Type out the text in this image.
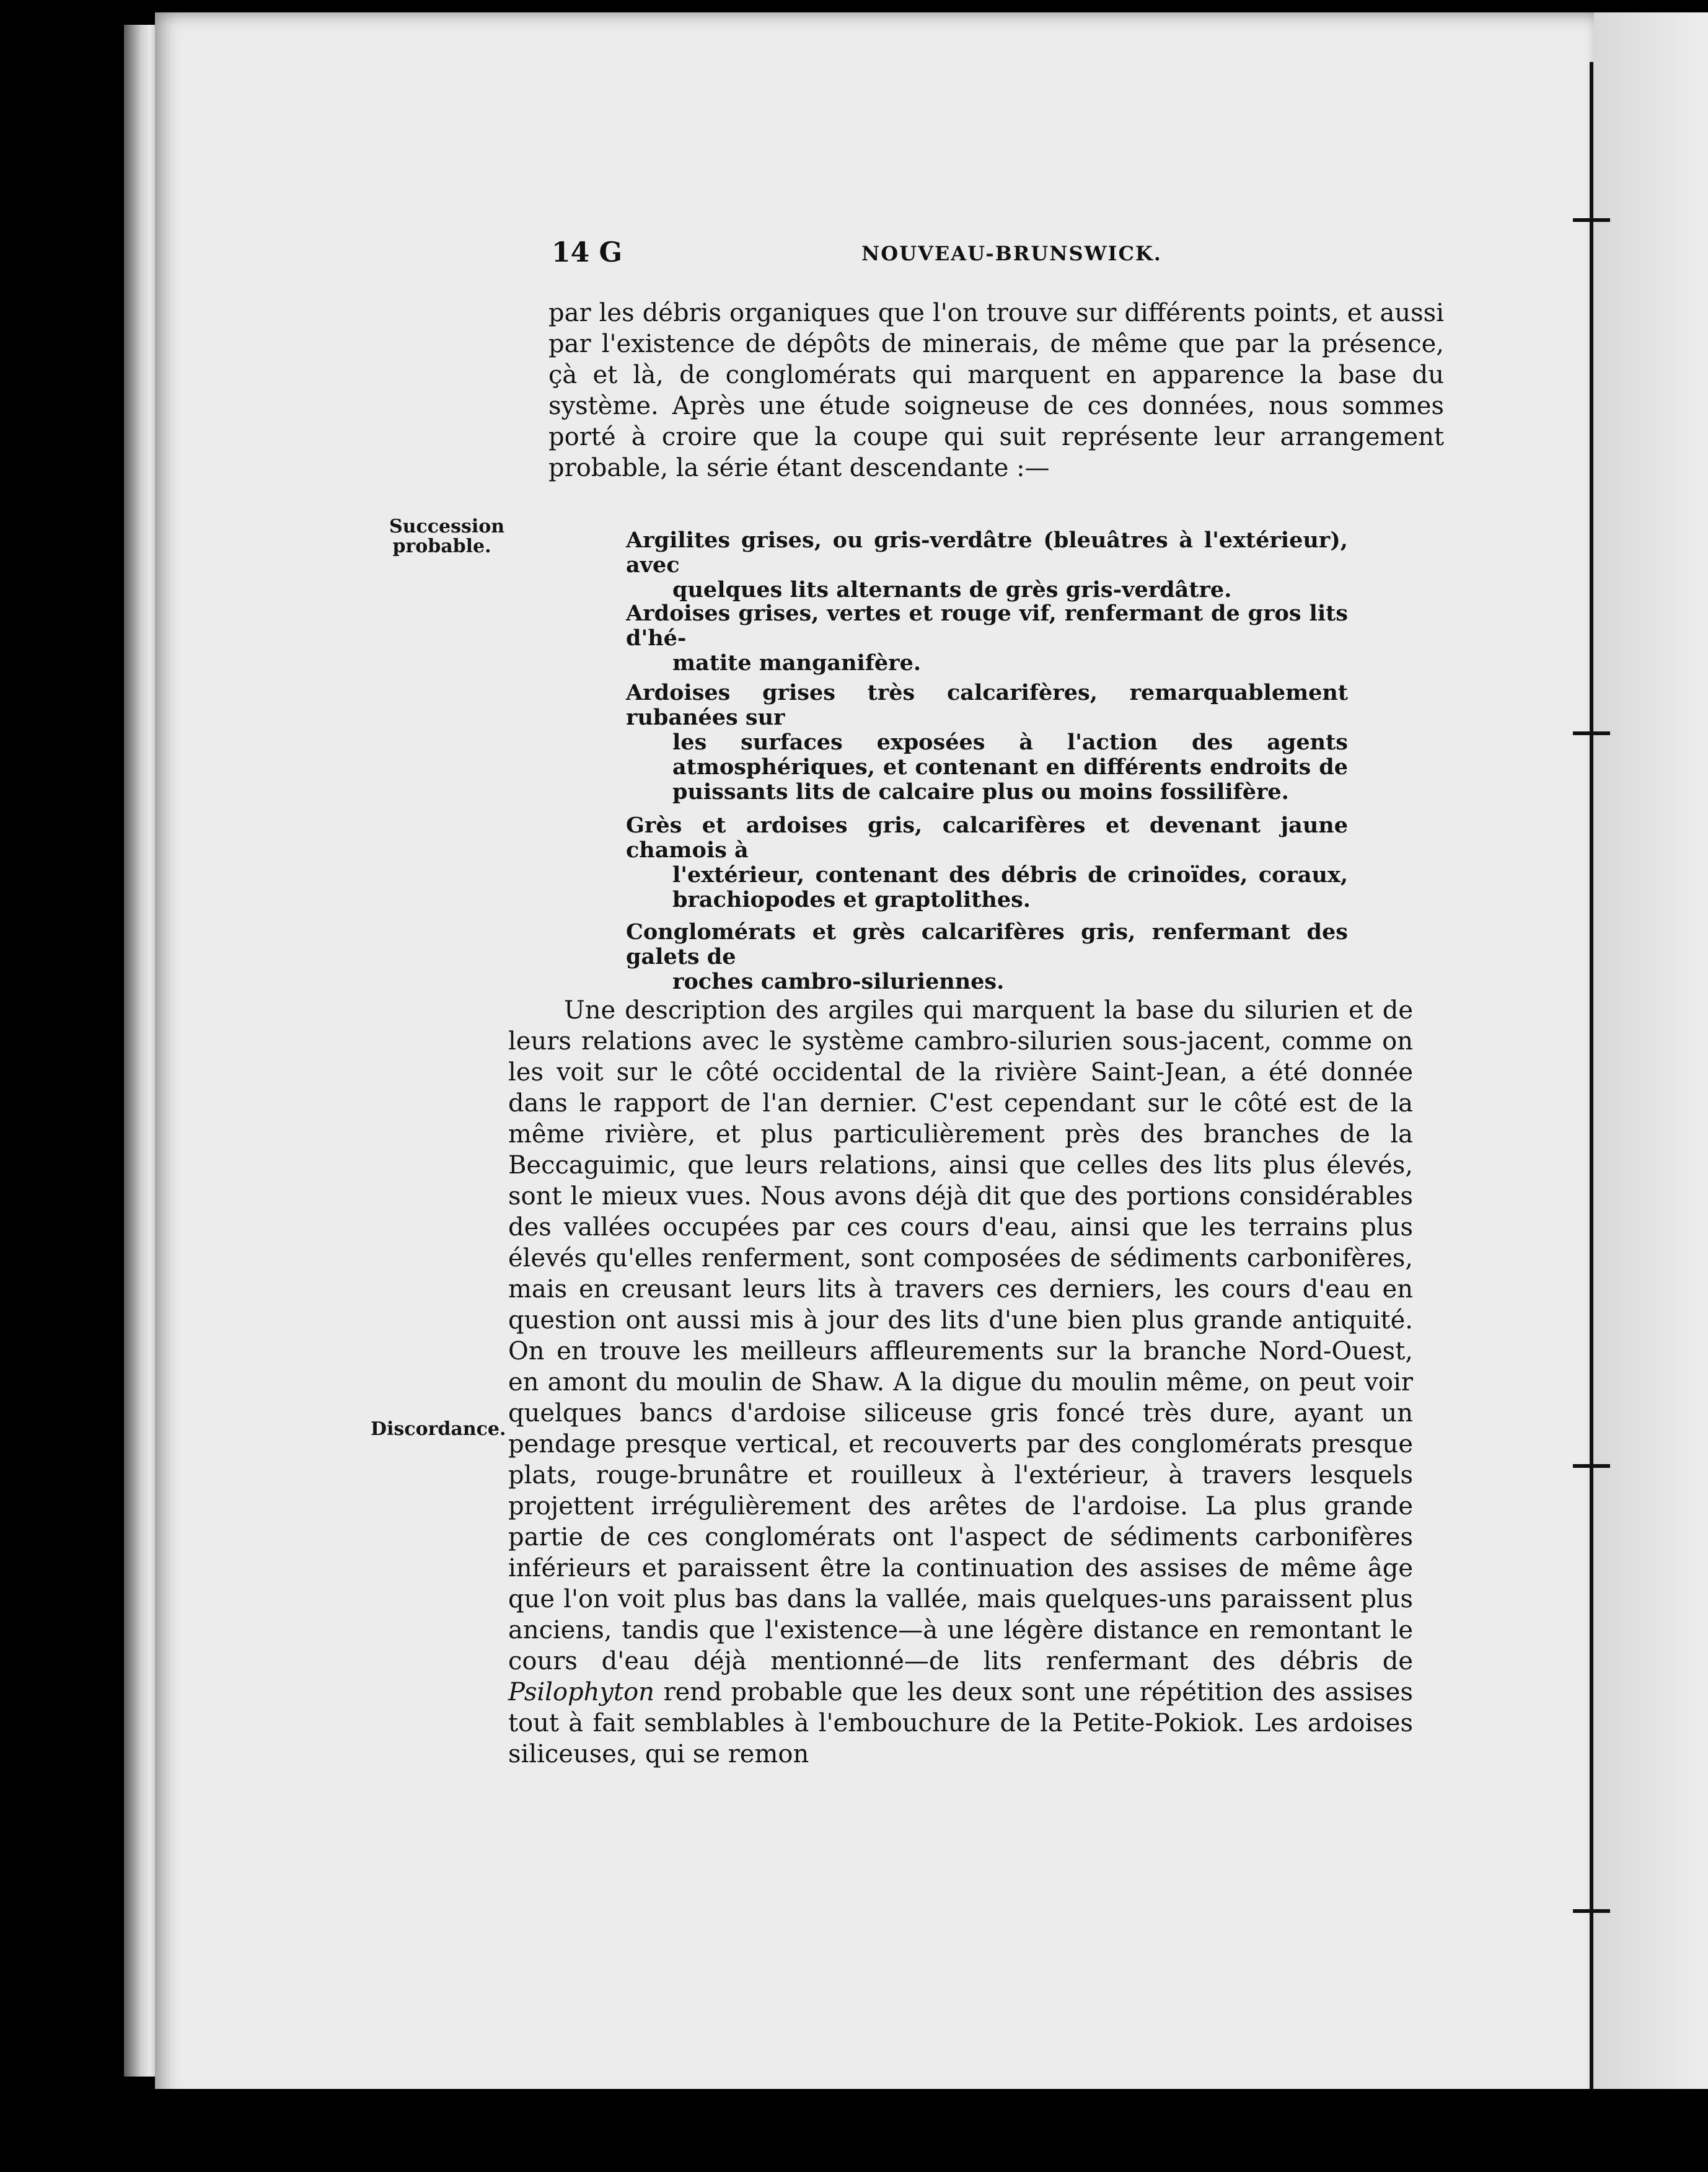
14 G	NOUVEAU-BRUNSWICK.

par les débris organiques que l'on trouve sur différents points, et aussi par l'existence de dépôts de minerais, de même que par la présence, çà et là, de conglomérats qui marquent en apparence la base du système. Après une étude soigneuse de ces données, nous sommes porté à croire que la coupe qui suit représente leur arrangement probable, la série étant descendante :—

Succession probable.	Argilites grises, ou gris-verdâtre (bleuâtres à l'extérieur), avec
quelques lits alternants de grès gris-verdâtre.
Ardoises grises, vertes et rouge vif, renfermant de gros lits d'hé-
matite manganifère.
Ardoises grises très calcarifères, remarquablement rubanées sur
les surfaces exposées à l'action des agents atmosphériques, et contenant en différents endroits de puissants lits de calcaire plus ou moins fossilifère.
Grès et ardoises gris, calcarifères et devenant jaune chamois à
l'extérieur, contenant des débris de crinoïdes, coraux, brachiopodes et graptolithes.
Conglomérats et grès calcarifères gris, renfermant des galets de
roches cambro-siluriennes.

Une description des argiles qui marquent la base du silurien et de leurs relations avec le système cambro-silurien sous-jacent, comme on les voit sur le côté occidental de la rivière Saint-Jean, a été donnée dans le rapport de l'an dernier. C'est cependant sur le côté est de la même rivière, et plus particulièrement près des branches de la Beccaguimic, que leurs relations, ainsi que celles des lits plus élevés, sont le mieux vues. Nous avons déjà dit que des portions considérables des vallées occupées par ces cours d'eau, ainsi que les terrains plus élevés qu'elles renferment, sont composées de sédiments carbonifères, mais en creusant leurs lits à travers ces derniers, les cours d'eau en question ont aussi mis à jour des lits d'une bien plus grande antiquité. On en trouve les meilleurs affleurements sur la branche Nord-Ouest, en amont du moulin de Shaw. A la digue du moulin même, on peut voir quelques bancs d'ardoise siliceuse gris foncé très dure, ayant un pendage presque vertical, et recouverts par des conglomérats presque plats, rouge-brunâtre et rouilleux à l'extérieur, à travers lesquels projettent irrégulièrement des arêtes de l'ardoise. La plus grande partie de ces conglomérats ont l'aspect de sédiments carbonifères inférieurs et paraissent être la continuation des assises de même âge que l'on voit plus bas dans la vallée, mais quelques-uns paraissent plus anciens, tandis que l'existence—à une légère distance en remontant le cours d'eau déjà mentionné—de lits renfermant des débris de Psilophyton rend probable que les deux sont une répétition des assises tout à fait semblables à l'embouchure de la Petite-Pokiok. Les ardoises siliceuses, qui se remon

Discordance.
